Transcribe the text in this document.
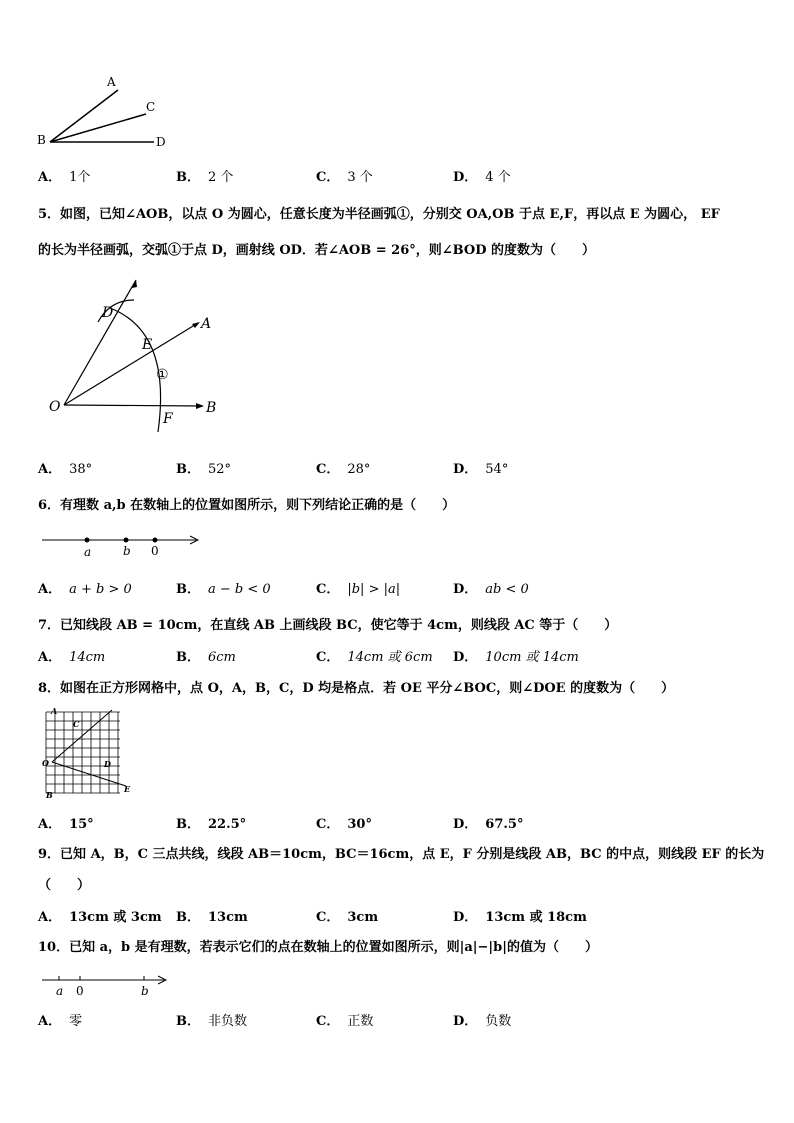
A
C
B	D
A． 1个	B． 2 个	C． 3 个	D． 4 个
5．如图，已知∠AOB，以点 O 为圆心，任意长度为半径画弧①，分别交 OA,OB 于点 E,F，再以点 E 为圆心， EF
的长为半径画弧，交弧①于点 D，画射线 OD．若∠AOB = 26°，则∠BOD 的度数为（　　）
O
A
B
D
E
F
①
A． 38°	B． 52°	C． 28°	D． 54°
6．有理数 a,b 在数轴上的位置如图所示，则下列结论正确的是（　　）
a	b 0
A． a + b > 0	B． a − b < 0	C． |b| > |a|	D． ab < 0
7．已知线段 AB = 10cm，在直线 AB 上画线段 BC，使它等于 4cm，则线段 AC 等于（　　）
A． 14cm	B． 6cm	C． 14cm 或 6cm D． 10cm 或 14cm
8．如图在正方形网格中，点 O，A，B，C，D 均是格点．若 OE 平分∠BOC，则∠DOE 的度数为（　　）
A
C
O	D
B
E
A． 15°	B． 22.5°	C． 30°	D． 67.5°
9．已知 A，B，C 三点共线，线段 AB＝10cm，BC＝16cm，点 E，F 分别是线段 AB，BC 的中点，则线段 EF 的长为
（　　）
A． 13cm 或 3cm B． 13cm	C． 3cm	D． 13cm 或 18cm
10．已知 a，b 是有理数，若表示它们的点在数轴上的位置如图所示，则|a|−|b|的值为（　　）
a 0	b
A． 零	B． 非负数	C． 正数	D． 负数
